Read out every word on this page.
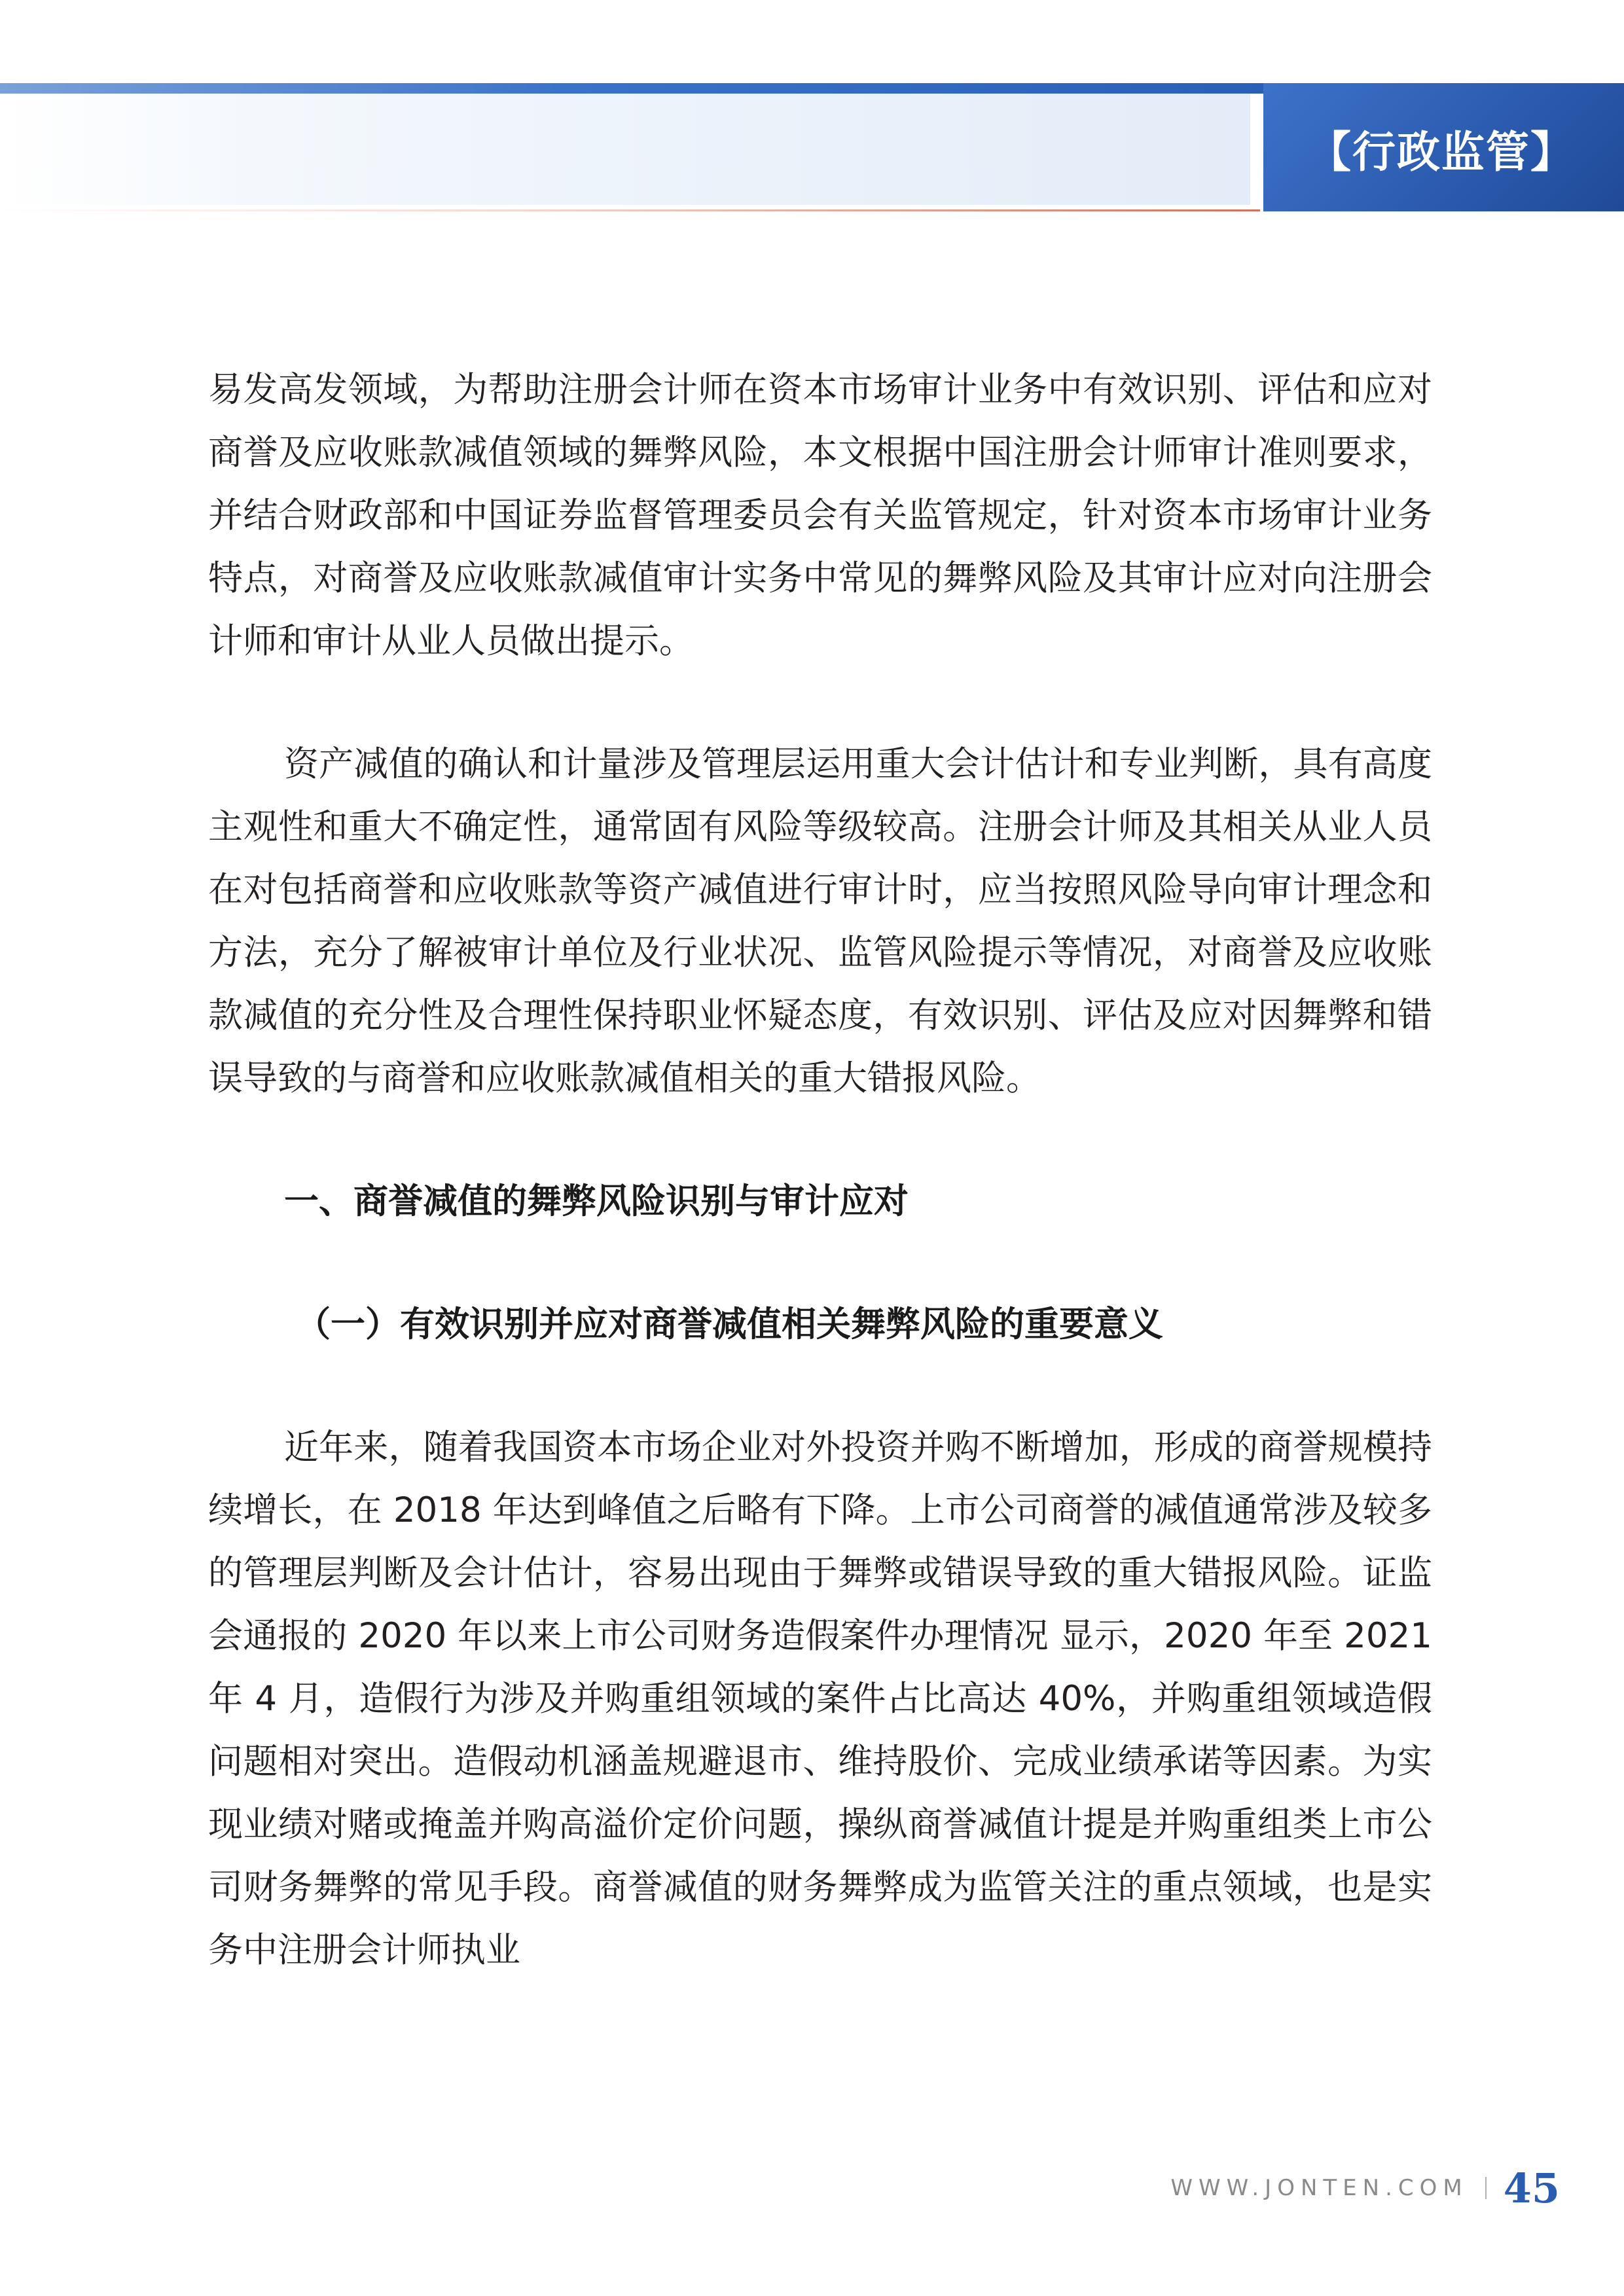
【行政监管】

易发高发领域，为帮助注册会计师在资本市场审计业务中有效识别、评估和应对商誉及应收账款减值领域的舞弊风险，本文根据中国注册会计师审计准则要求，并结合财政部和中国证券监督管理委员会有关监管规定，针对资本市场审计业务特点，对商誉及应收账款减值审计实务中常见的舞弊风险及其审计应对向注册会计师和审计从业人员做出提示。

资产减值的确认和计量涉及管理层运用重大会计估计和专业判断，具有高度主观性和重大不确定性，通常固有风险等级较高。注册会计师及其相关从业人员在对包括商誉和应收账款等资产减值进行审计时，应当按照风险导向审计理念和方法，充分了解被审计单位及行业状况、监管风险提示等情况，对商誉及应收账款减值的充分性及合理性保持职业怀疑态度，有效识别、评估及应对因舞弊和错误导致的与商誉和应收账款减值相关的重大错报风险。

一、商誉减值的舞弊风险识别与审计应对

（一）有效识别并应对商誉减值相关舞弊风险的重要意义

近年来，随着我国资本市场企业对外投资并购不断增加，形成的商誉规模持续增长，在 2018 年达到峰值之后略有下降。上市公司商誉的减值通常涉及较多的管理层判断及会计估计，容易出现由于舞弊或错误导致的重大错报风险。证监会通报的 2020 年以来上市公司财务造假案件办理情况 显示，2020 年至 2021 年 4 月，造假行为涉及并购重组领域的案件占比高达 40%，并购重组领域造假问题相对突出。造假动机涵盖规避退市、维持股价、完成业绩承诺等因素。为实现业绩对赌或掩盖并购高溢价定价问题，操纵商誉减值计提是并购重组类上市公司财务舞弊的常见手段。商誉减值的财务舞弊成为监管关注的重点领域，也是实务中注册会计师执业

WWW.JONTEN.COM 45
